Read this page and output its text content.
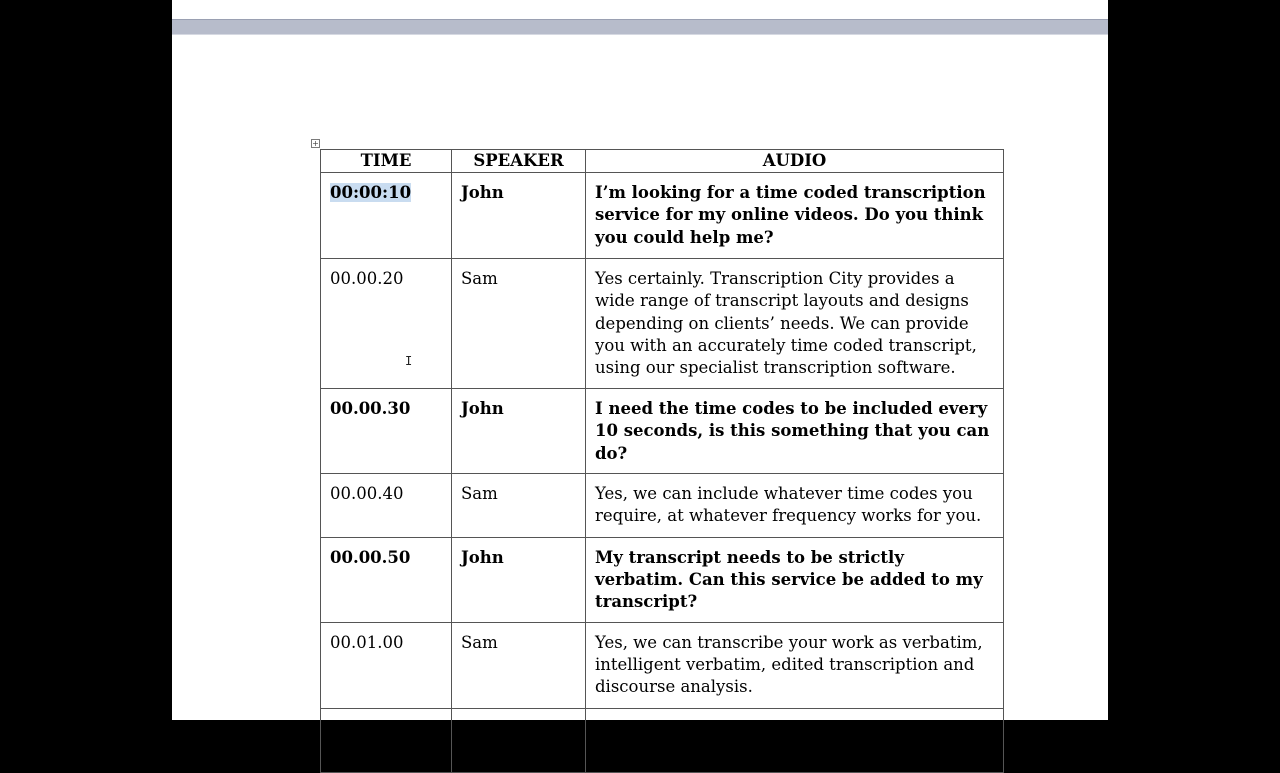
+
TIME	SPEAKER	AUDIO
00:00:10	John	I’m looking for a time coded transcription service for my online videos. Do you think you could help me?
00.00.20	Sam	Yes certainly. Transcription City provides a wide range of transcript layouts and designs depending on clients’ needs. We can provide you with an accurately time coded transcript, using our specialist transcription software.
00.00.30	John	I need the time codes to be included every 10 seconds, is this something that you can do?
00.00.40	Sam	Yes, we can include whatever time codes you require, at whatever frequency works for you.
00.00.50	John	My transcript needs to be strictly verbatim. Can this service be added to my transcript?
00.01.00	Sam	Yes, we can transcribe your work as verbatim, intelligent verbatim, edited transcription and discourse analysis.
00.01.10	John	That is good news. Do you also provide a transcription service that includes visual
I
